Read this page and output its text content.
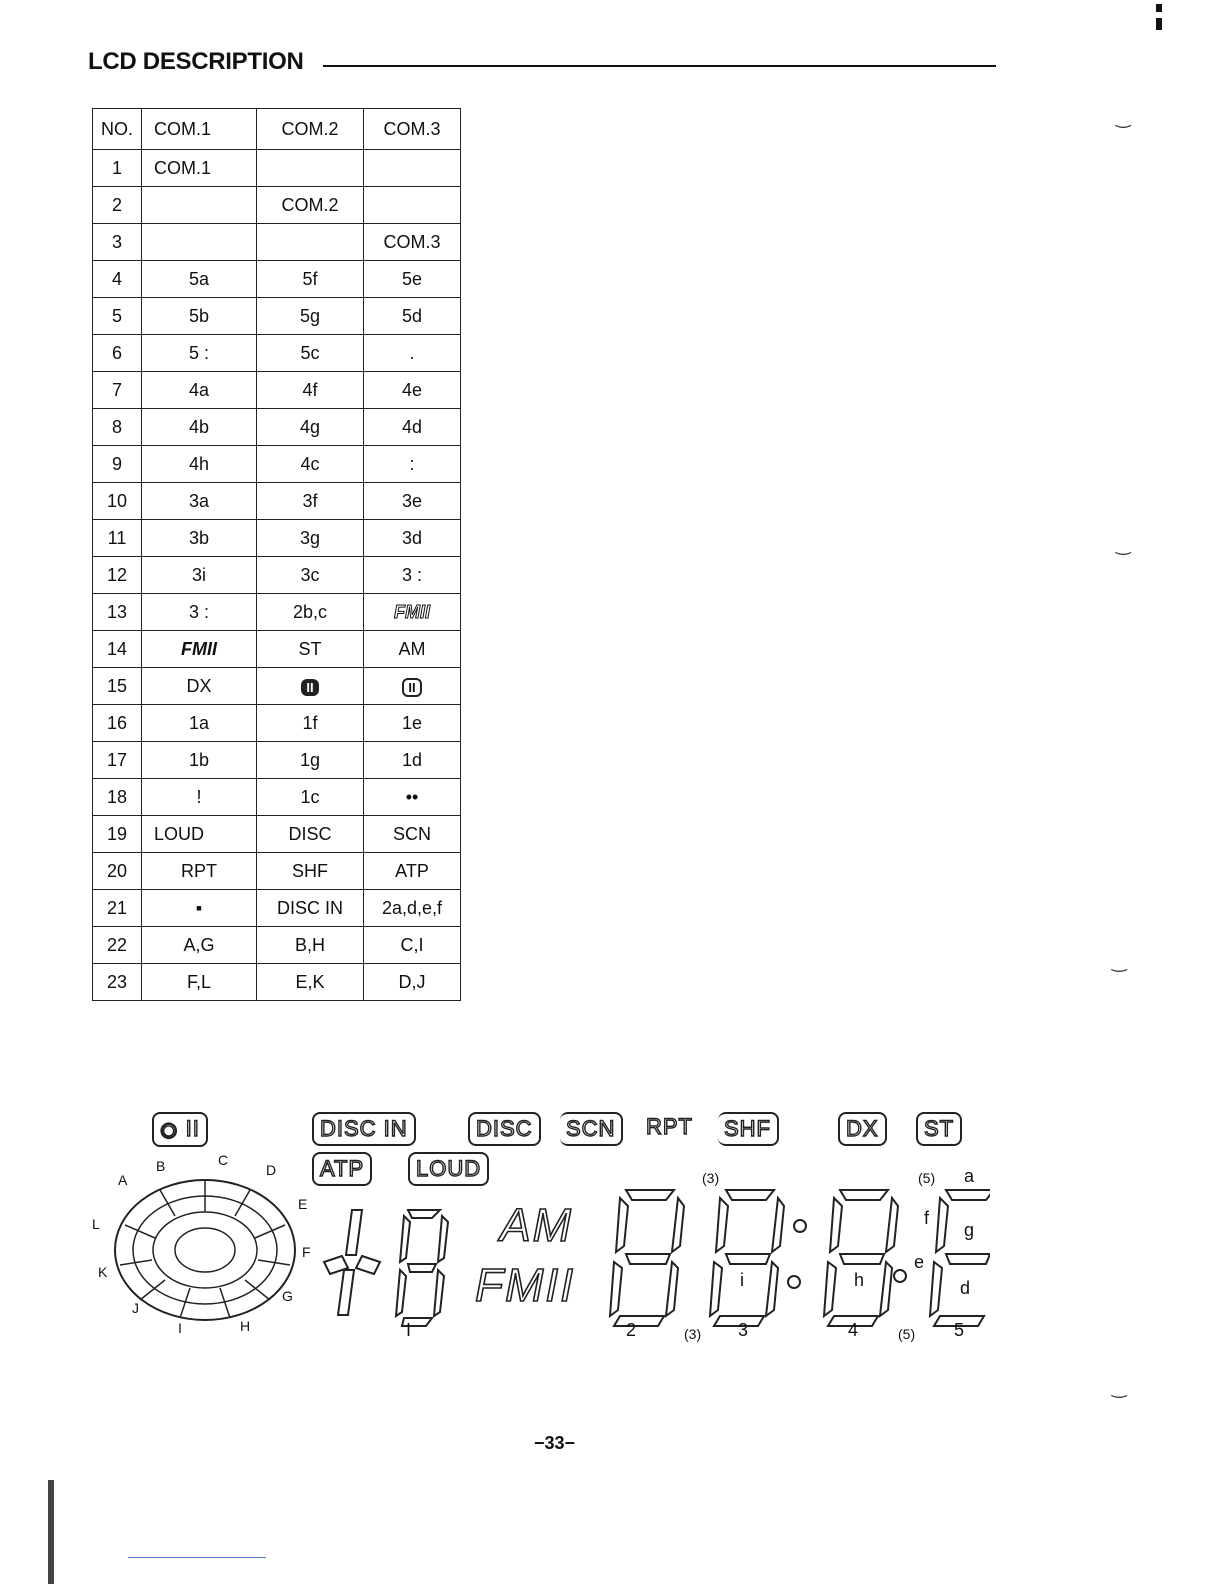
LCD DESCRIPTION
NO.	COM.1	COM.2	COM.3
1	COM.1		
2		COM.2	
3			COM.3
4	5a	5f	5e
5	5b	5g	5d
6	5 :	5c	.
7	4a	4f	4e
8	4b	4g	4d
9	4h	4c	:
10	3a	3f	3e
11	3b	3g	3d
12	3i	3c	3 :
13	3 :	2b,c	FMII
14	FMII	ST	AM
15	DX	II	II
16	1a	1f	1e
17	1b	1g	1d
18	!	1c	••
19	LOUD	DISC	SCN
20	RPT	SHF	ATP
21	▪	DISC IN	2a,d,e,f
22	A,G	B,H	C,I
23	F,L	E,K	D,J
◉ II	DISC IN	DISC	SCN	RPT SHF	DX	ST
ATP	LOUD
A
B	C
D
E
F
G
H
I
J
K
L	AM
FMII
(3)	(5) a
f
g
e
d
i	h
I	2	(3) 3	4	(5) 5
−33−
‿
‿
‿
‿
